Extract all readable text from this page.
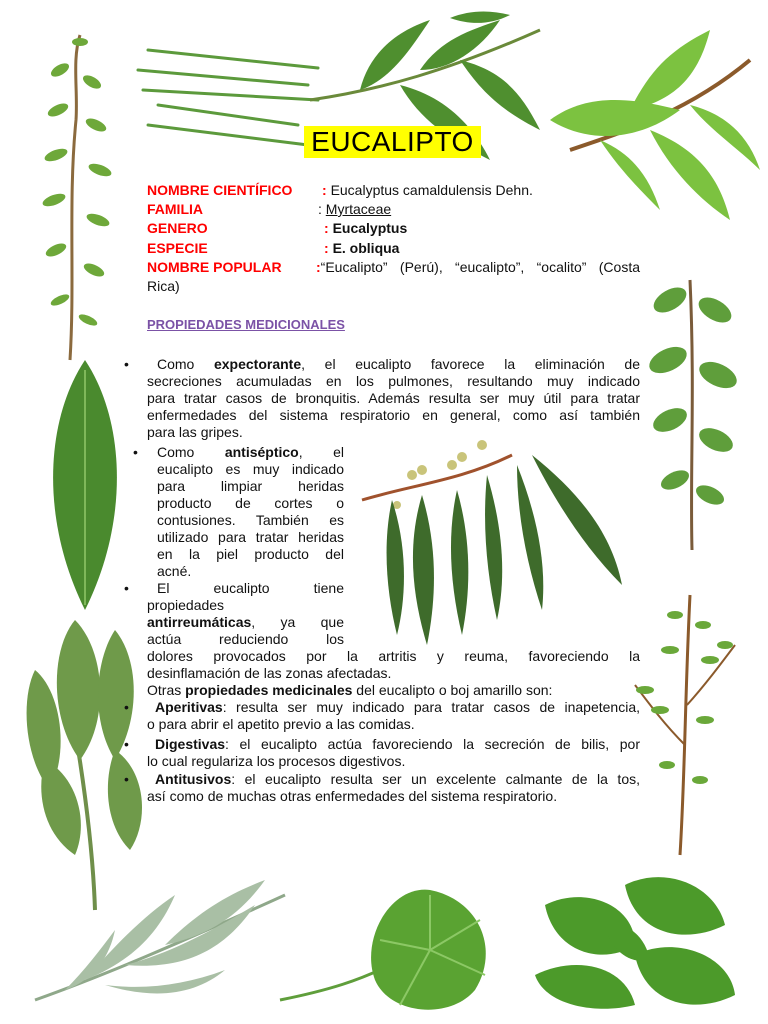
EUCALIPTO
NOMBRE CIENTÍFICO : Eucalyptus camaldulensis Dehn.
FAMILIA	: Myrtaceae
GENERO	: Eucalyptus
ESPECIE	: E. obliqua
NOMBRE POPULAR :“Eucalipto” (Perú), “eucalipto”, “ocalito” (Costa
Rica)
PROPIEDADES MEDICIONALES
•	Como expectorante, el eucalipto favorece la eliminación de
secreciones acumuladas en los pulmones, resultando muy indicado
para tratar casos de bronquitis. Además resulta ser muy útil para tratar
enfermedades del sistema respiratorio en general, como así también
para las gripes.
• Como antiséptico, el
eucalipto es muy indicado
para limpiar heridas
producto de cortes o
contusiones. También es
utilizado para tratar heridas
en la piel producto del
acné.
•	El eucalipto tiene
propiedades
antirreumáticas, ya que
actúa reduciendo los
dolores provocados por la artritis y reuma, favoreciendo la
desinflamación de las zonas afectadas.
Otras propiedades medicinales del eucalipto o boj amarillo son:
•	Aperitivas: resulta ser muy indicado para tratar casos de inapetencia,
o para abrir el apetito previo a las comidas.
•	Digestivas: el eucalipto actúa favoreciendo la secreción de bilis, por
lo cual regulariza los procesos digestivos.
•	Antitusivos: el eucalipto resulta ser un excelente calmante de la tos,
así como de muchas otras enfermedades del sistema respiratorio.
